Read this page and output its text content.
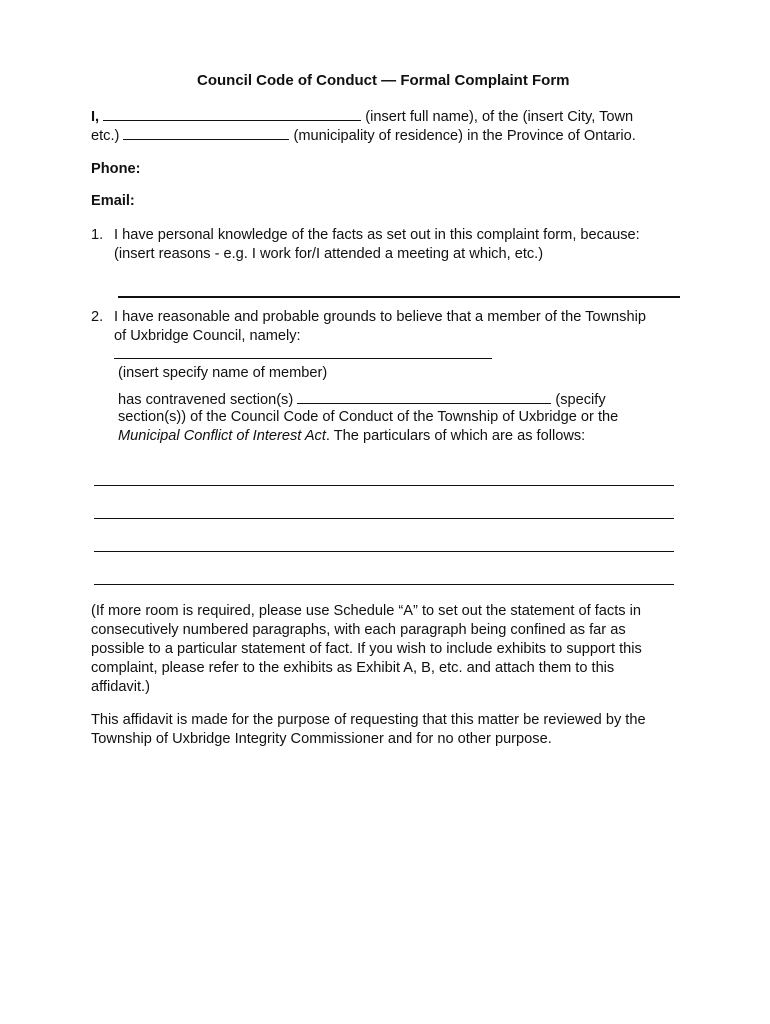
Council Code of Conduct — Formal Complaint Form
I,	(insert full name), of the (insert City, Town
etc.)	(municipality of residence) in the Province of Ontario.
Phone:
Email:
1. I have personal knowledge of the facts as set out in this complaint form, because:
(insert reasons - e.g. I work for/I attended a meeting at which, etc.)
2. I have reasonable and probable grounds to believe that a member of the Township
of Uxbridge Council, namely:
(insert specify name of member)
has contravened section(s)	(specify
section(s)) of the Council Code of Conduct of the Township of Uxbridge or the
Municipal Conflict of Interest Act. The particulars of which are as follows:
(If more room is required, please use Schedule “A” to set out the statement of facts in
consecutively numbered paragraphs, with each paragraph being confined as far as
possible to a particular statement of fact. If you wish to include exhibits to support this
complaint, please refer to the exhibits as Exhibit A, B, etc. and attach them to this
affidavit.)
This affidavit is made for the purpose of requesting that this matter be reviewed by the
Township of Uxbridge Integrity Commissioner and for no other purpose.
